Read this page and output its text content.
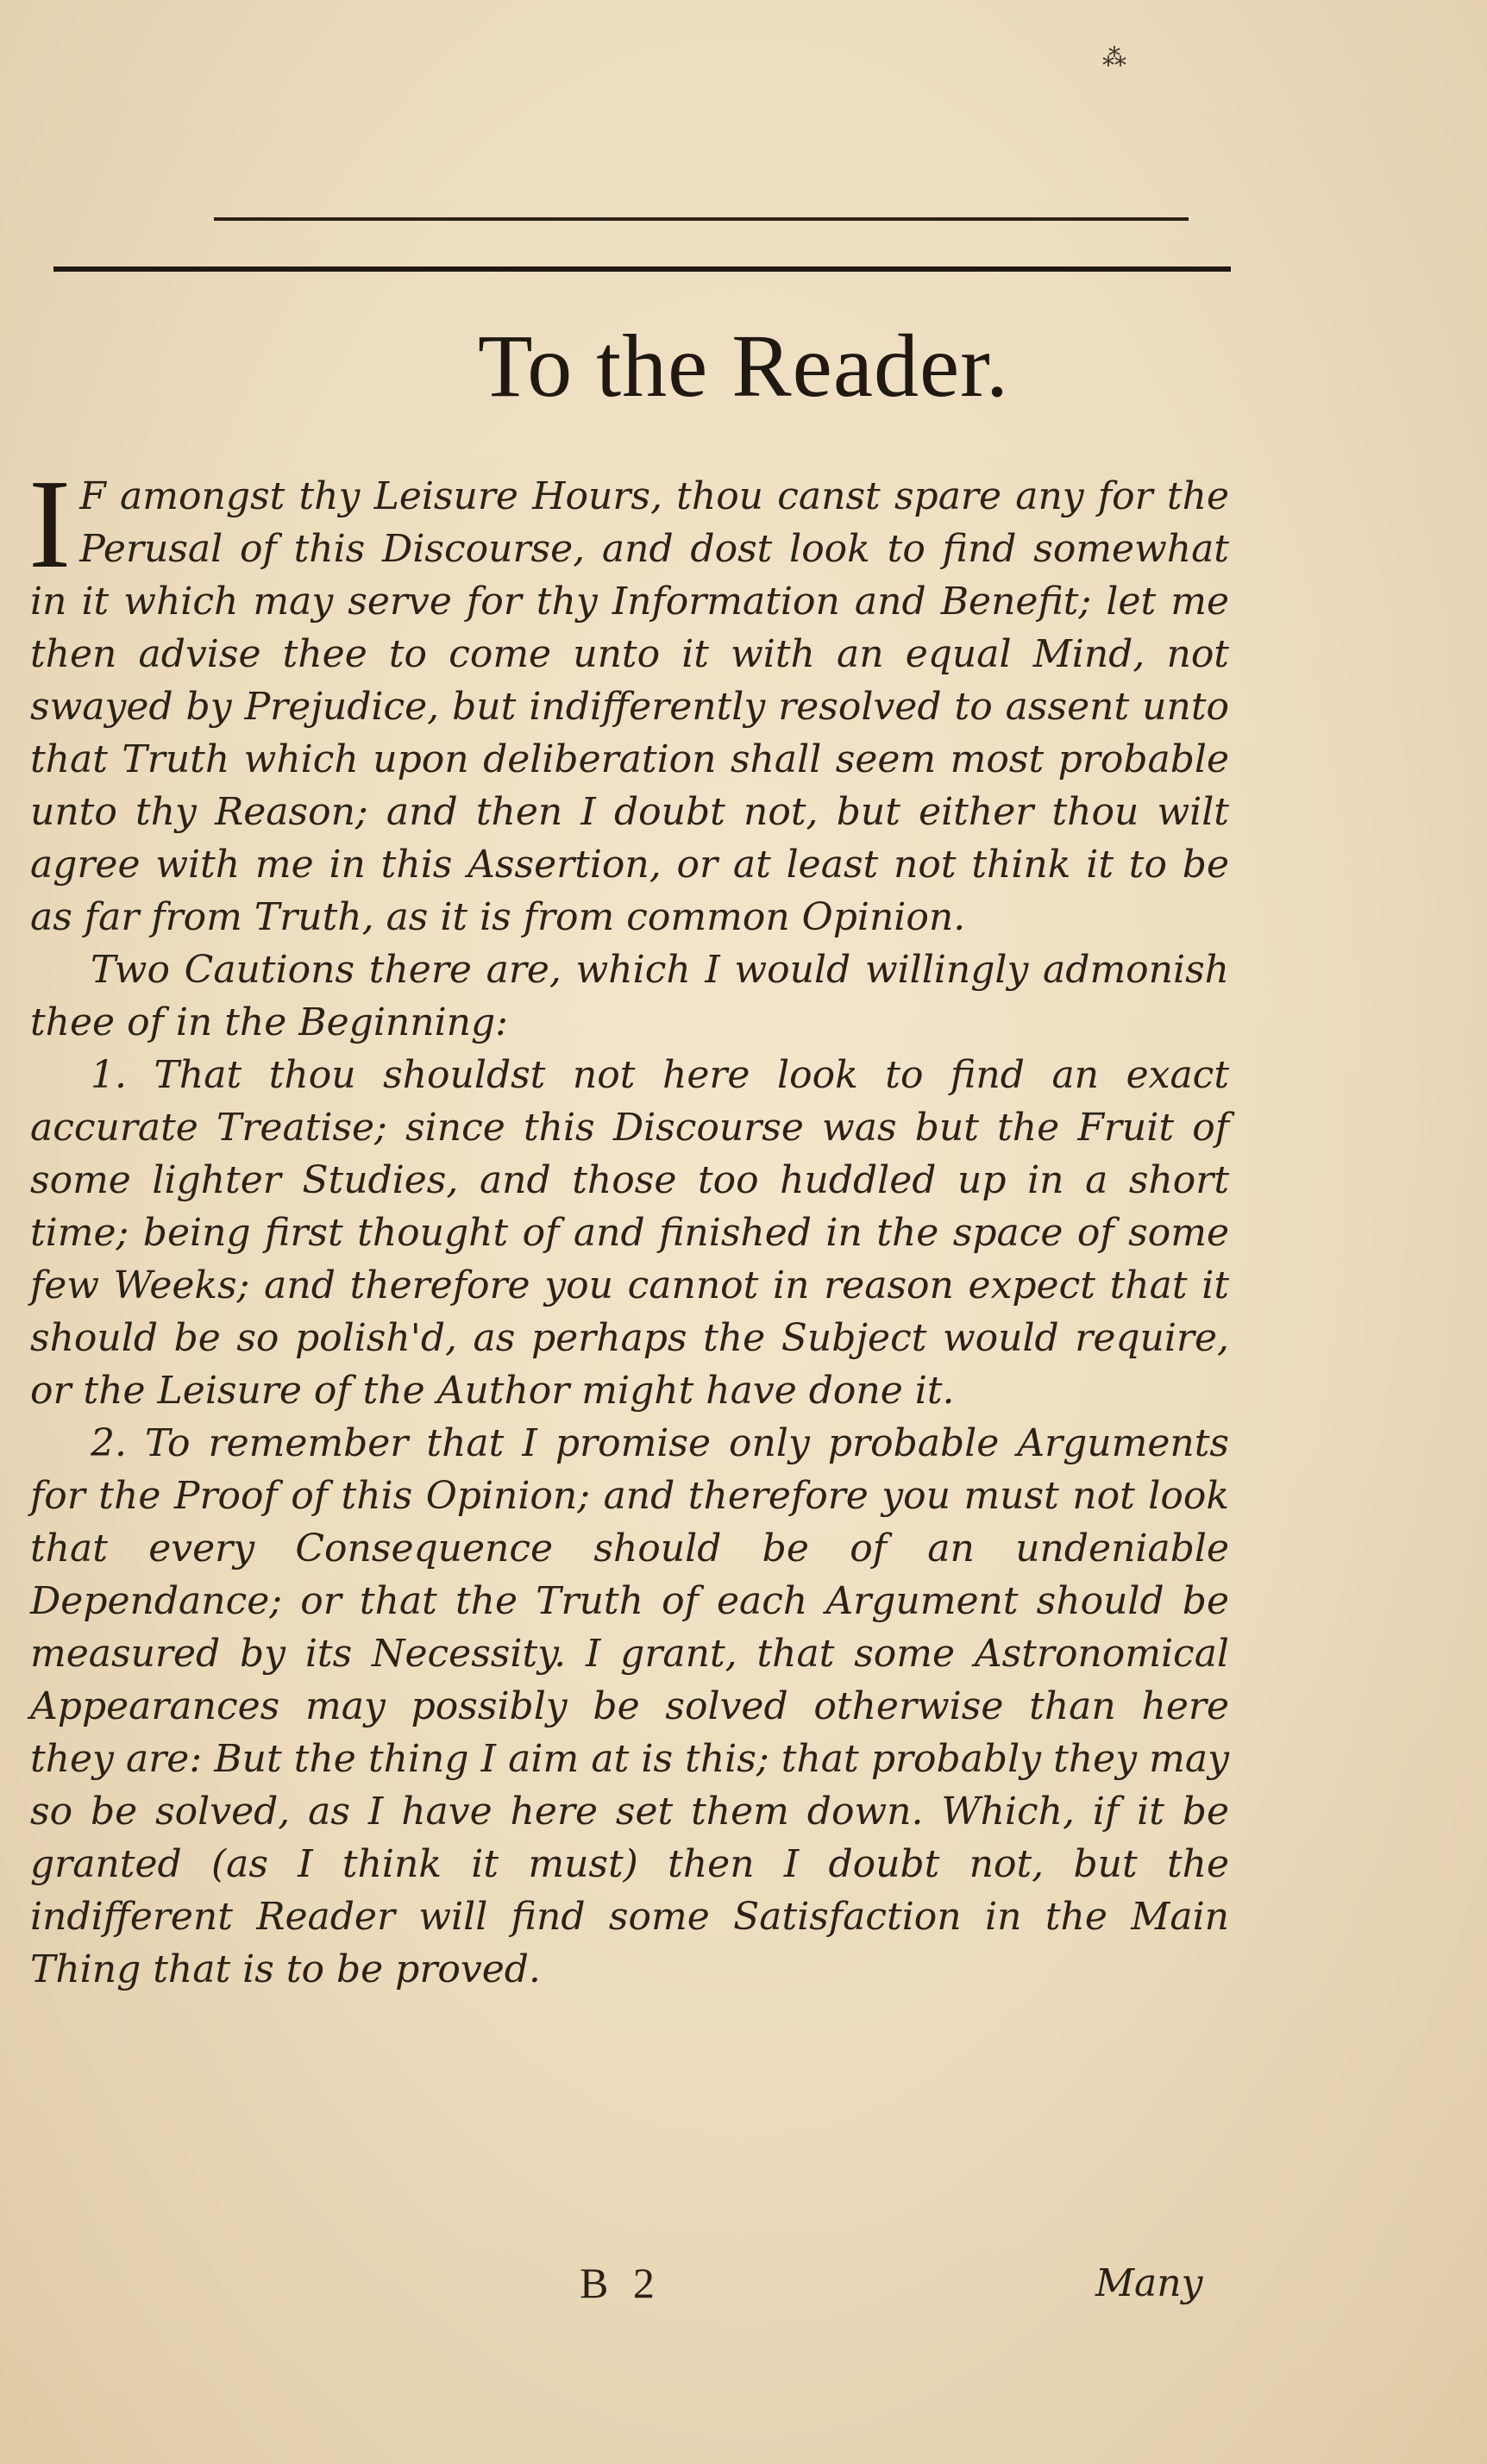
⁂
To the Reader.

I F amongst thy Leisure Hours, thou canst spare any for the Perusal of this Discourse, and dost look to find somewhat in it which may serve for thy Information and Benefit; let me then advise thee to come unto it with an equal Mind, not swayed by Prejudice, but indifferently resolved to assent unto that Truth which upon deliberation shall seem most probable unto thy Reason; and then I doubt not, but either thou wilt agree with me in this Assertion, or at least not think it to be as far from Truth, as it is from common Opinion.

Two Cautions there are, which I would willingly admonish thee of in the Beginning:

1. That thou shouldst not here look to find an exact accurate Treatise; since this Discourse was but the Fruit of some lighter Studies, and those too huddled up in a short time; being first thought of and finished in the space of some few Weeks; and therefore you cannot in reason expect that it should be so polish'd, as perhaps the Subject would require, or the Leisure of the Author might have done it.

2. To remember that I promise only probable Arguments for the Proof of this Opinion; and therefore you must not look that every Consequence should be of an undeniable Dependance; or that the Truth of each Argument should be measured by its Necessity. I grant, that some Astronomical Appearances may possibly be solved otherwise than here they are: But the thing I aim at is this; that probably they may so be solved, as I have here set them down. Which, if it be granted (as I think it must) then I doubt not, but the indifferent Reader will find some Satisfaction in the Main Thing that is to be proved.

B 2	Many
